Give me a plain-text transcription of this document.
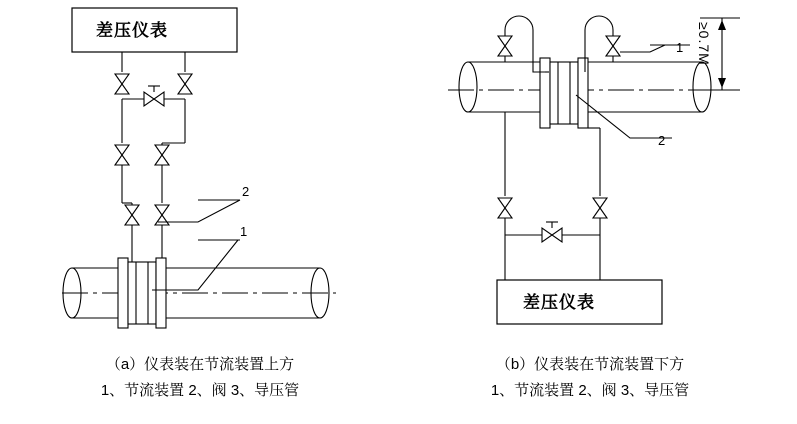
差压仪表
差压仪表
2
1
1
2
≥0.7M
（a）仪表装在节流装置上方
1、节流装置 2、阀 3、导压管
（b）仪表装在节流装置下方
1、节流装置 2、阀 3、导压管
